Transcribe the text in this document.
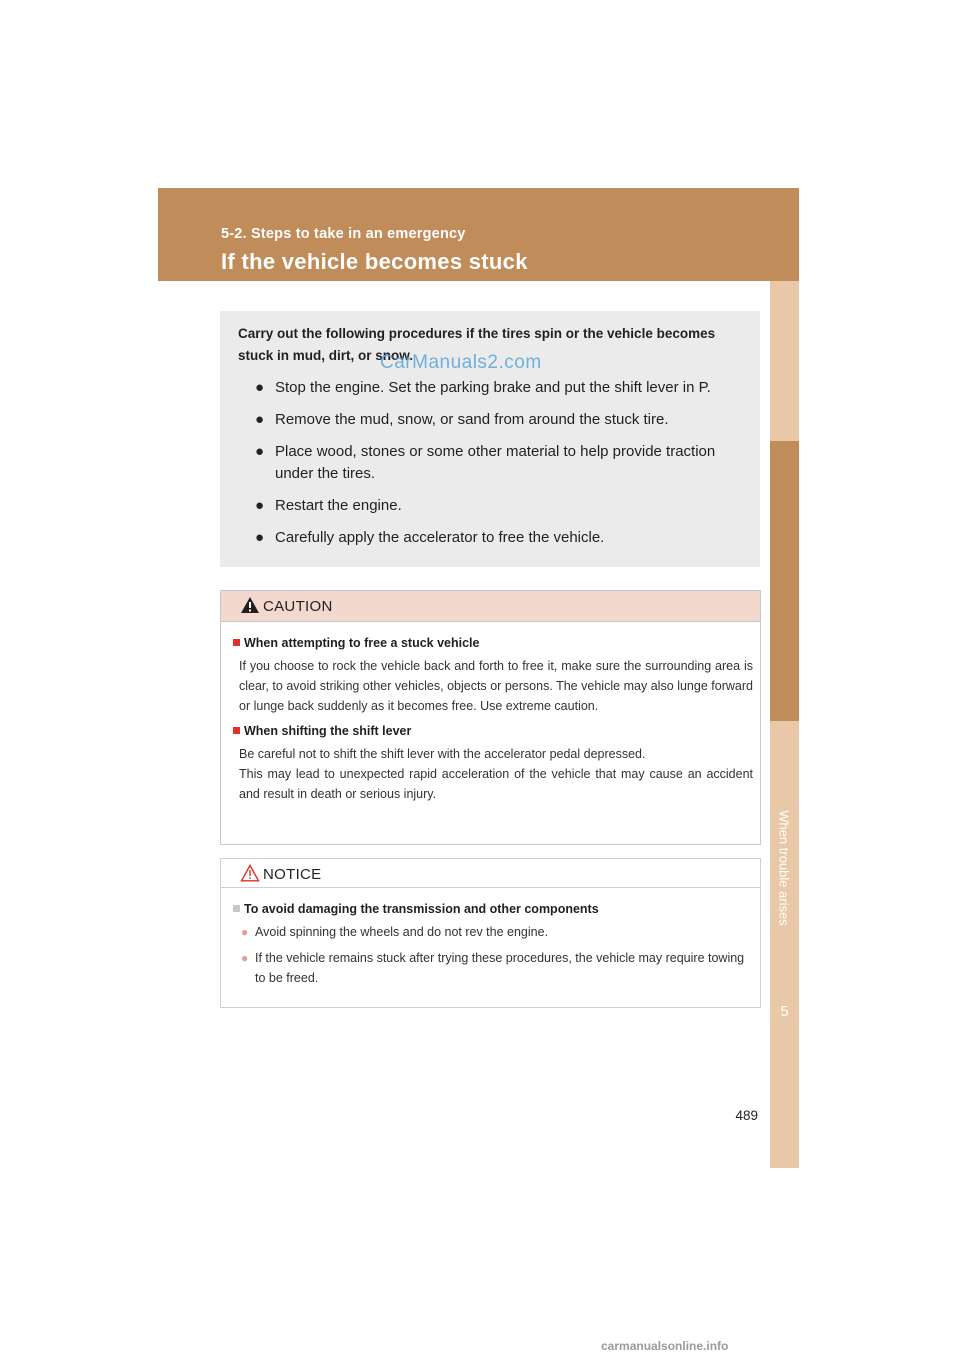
5-2. Steps to take in an emergency
If the vehicle becomes stuck
5
When trouble arises
Carry out the following procedures if the tires spin or the vehicle becomes stuck in mud, dirt, or snow.
● Stop the engine. Set the parking brake and put the shift lever in P.
● Remove the mud, snow, or sand from around the stuck tire.
● Place wood, stones or some other material to help provide traction under the tires.
● Restart the engine.
● Carefully apply the accelerator to free the vehicle.
CAUTION
When attempting to free a stuck vehicle

If you choose to rock the vehicle back and forth to free it, make sure the surrounding area is clear, to avoid striking other vehicles, objects or persons. The vehicle may also lunge forward or lunge back suddenly as it becomes free. Use extreme caution.

When shifting the shift lever

Be careful not to shift the shift lever with the accelerator pedal depressed.

This may lead to unexpected rapid acceleration of the vehicle that may cause an accident and result in death or serious injury.

NOTICE
To avoid damaging the transmission and other components
● Avoid spinning the wheels and do not rev the engine.
● If the vehicle remains stuck after trying these procedures, the vehicle may require towing to be freed.
489
CarManuals2.com
carmanualsonline.info
